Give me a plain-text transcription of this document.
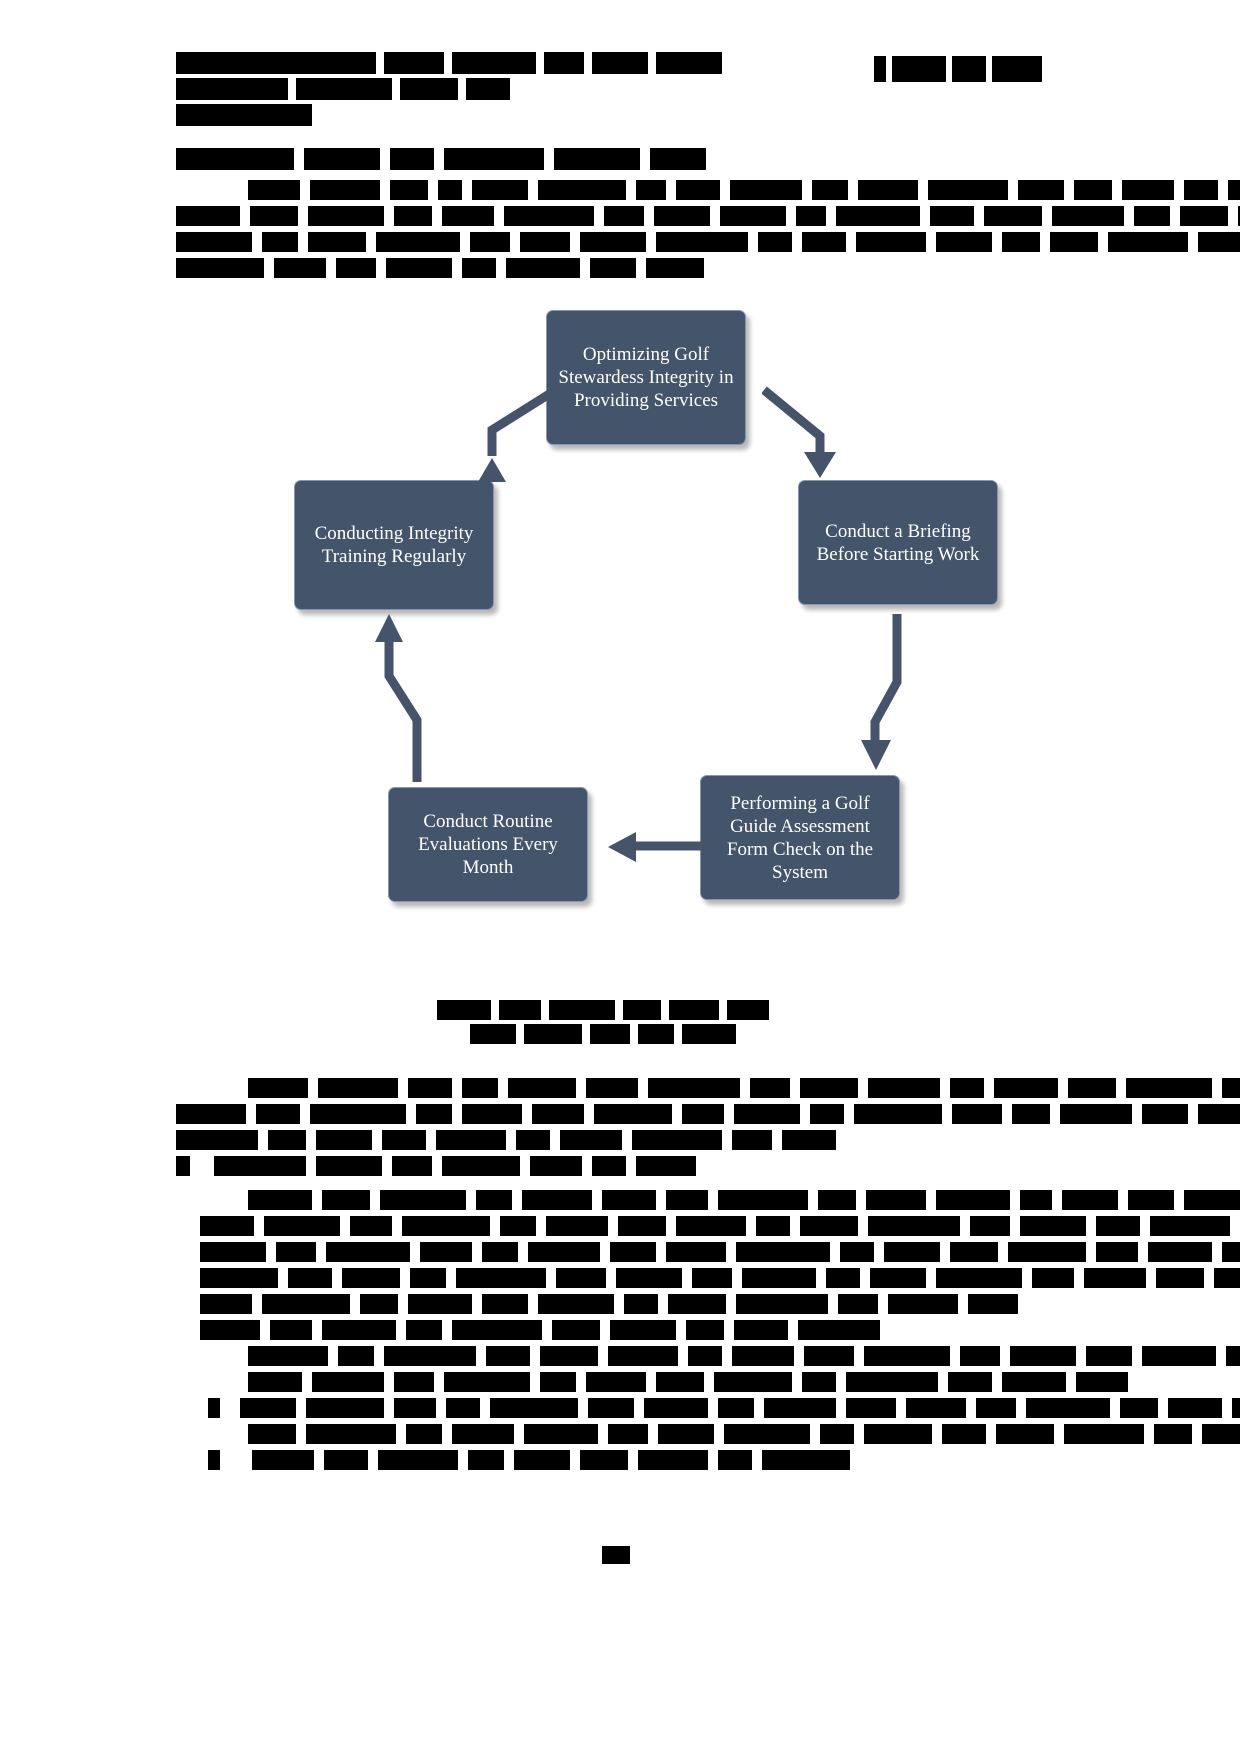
Optimizing Golf Stewardess Integrity in Providing Services
Conduct a Briefing Before Starting Work
Performing a Golf Guide Assessment Form Check on the System
Conduct Routine Evaluations Every Month
Conducting Integrity Training Regularly
